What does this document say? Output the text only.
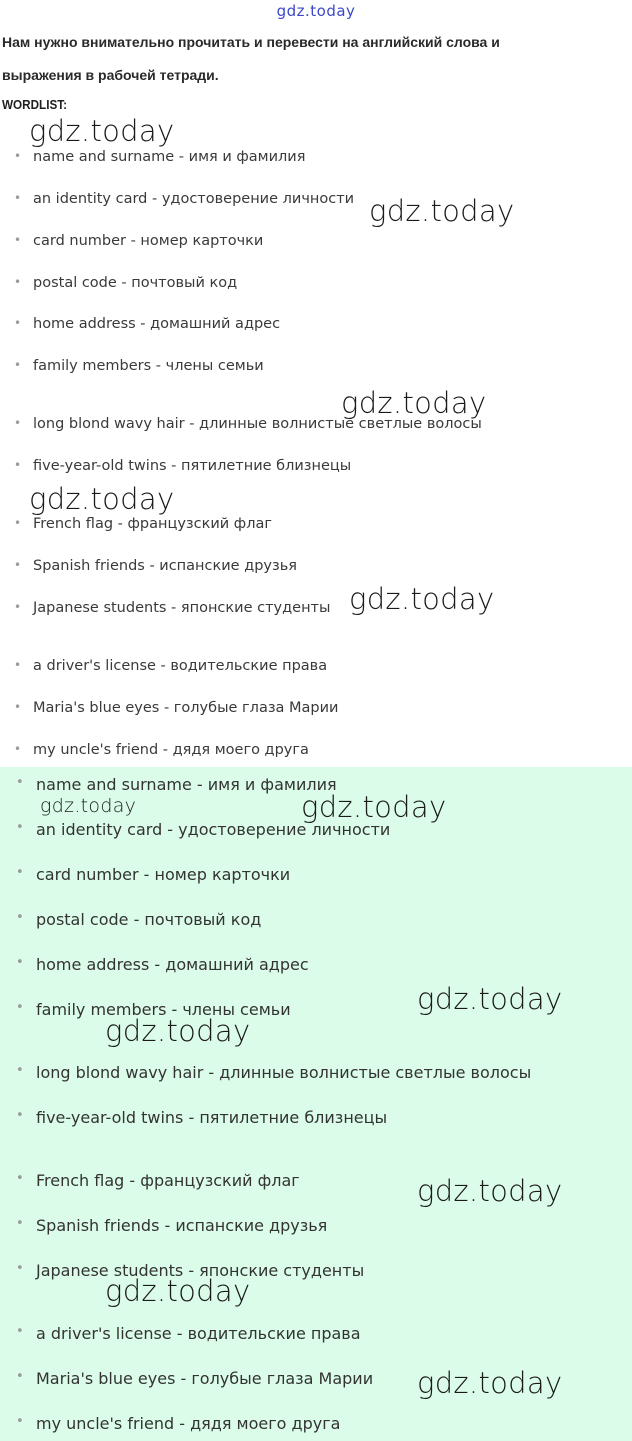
gdz.today
Нам нужно внимательно прочитать и перевести на английский слова и
выражения в рабочей тетради.
WORDLIST:
• name and surname - имя и фамилия
• an identity card - удостоверение личности
• card number - номер карточки
• postal code - почтовый код
• home address - домашний адрес
• family members - члены семьи
• long blond wavy hair - длинные волнистые светлые волосы
• five-year-old twins - пятилетние близнецы
• French flag - французский флаг
• Spanish friends - испанские друзья
• Japanese students - японские студенты
• a driver's license - водительские права
• Maria's blue eyes - голубые глаза Марии
• my uncle's friend - дядя моего друга
• name and surname - имя и фамилия
• an identity card - удостоверение личности
• card number - номер карточки
• postal code - почтовый код
• home address - домашний адрес
• family members - члены семьи
• long blond wavy hair - длинные волнистые светлые волосы
• five-year-old twins - пятилетние близнецы
• French flag - французский флаг
• Spanish friends - испанские друзья
• Japanese students - японские студенты
• a driver's license - водительские права
• Maria's blue eyes - голубые глаза Марии
• my uncle's friend - дядя моего друга
gdz.today
gdz.today
gdz.today
gdz.today
gdz.today
gdz.today	gdz.today
gdz.today
gdz.today
gdz.today
gdz.today
gdz.today
